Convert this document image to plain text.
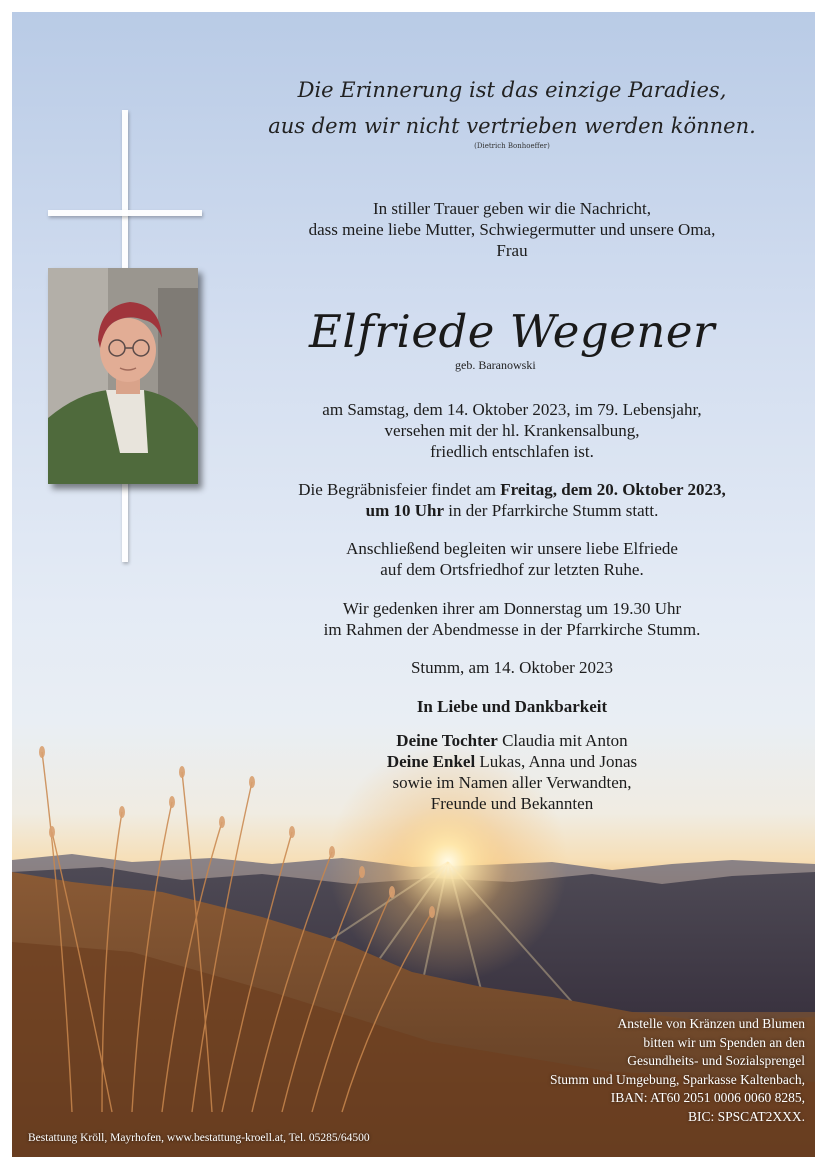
Die Erinnerung ist das einzige Paradies,
aus dem wir nicht vertrieben werden können.
(Dietrich Bonhoeffer)
In stiller Trauer geben wir die Nachricht,
dass meine liebe Mutter, Schwiegermutter und unsere Oma,
Frau
Elfriede Wegener
geb. Baranowski
am Samstag, dem 14. Oktober 2023, im 79. Lebensjahr,
versehen mit der hl. Krankensalbung,
friedlich entschlafen ist.
Die Begräbnisfeier findet am Freitag, dem 20. Oktober 2023,
um 10 Uhr in der Pfarrkirche Stumm statt.
Anschließend begleiten wir unsere liebe Elfriede
auf dem Ortsfriedhof zur letzten Ruhe.
Wir gedenken ihrer am Donnerstag um 19.30 Uhr
im Rahmen der Abendmesse in der Pfarrkirche Stumm.
Stumm, am 14. Oktober 2023
In Liebe und Dankbarkeit
Deine Tochter Claudia mit Anton
Deine Enkel Lukas, Anna und Jonas
sowie im Namen aller Verwandten,
Freunde und Bekannten
Anstelle von Kränzen und Blumen
bitten wir um Spenden an den
Gesundheits- und Sozialsprengel
Stumm und Umgebung, Sparkasse Kaltenbach,
IBAN: AT60 2051 0006 0060 8285,
BIC: SPSCAT2XXX.
Bestattung Kröll, Mayrhofen, www.bestattung-kroell.at, Tel. 05285/64500
